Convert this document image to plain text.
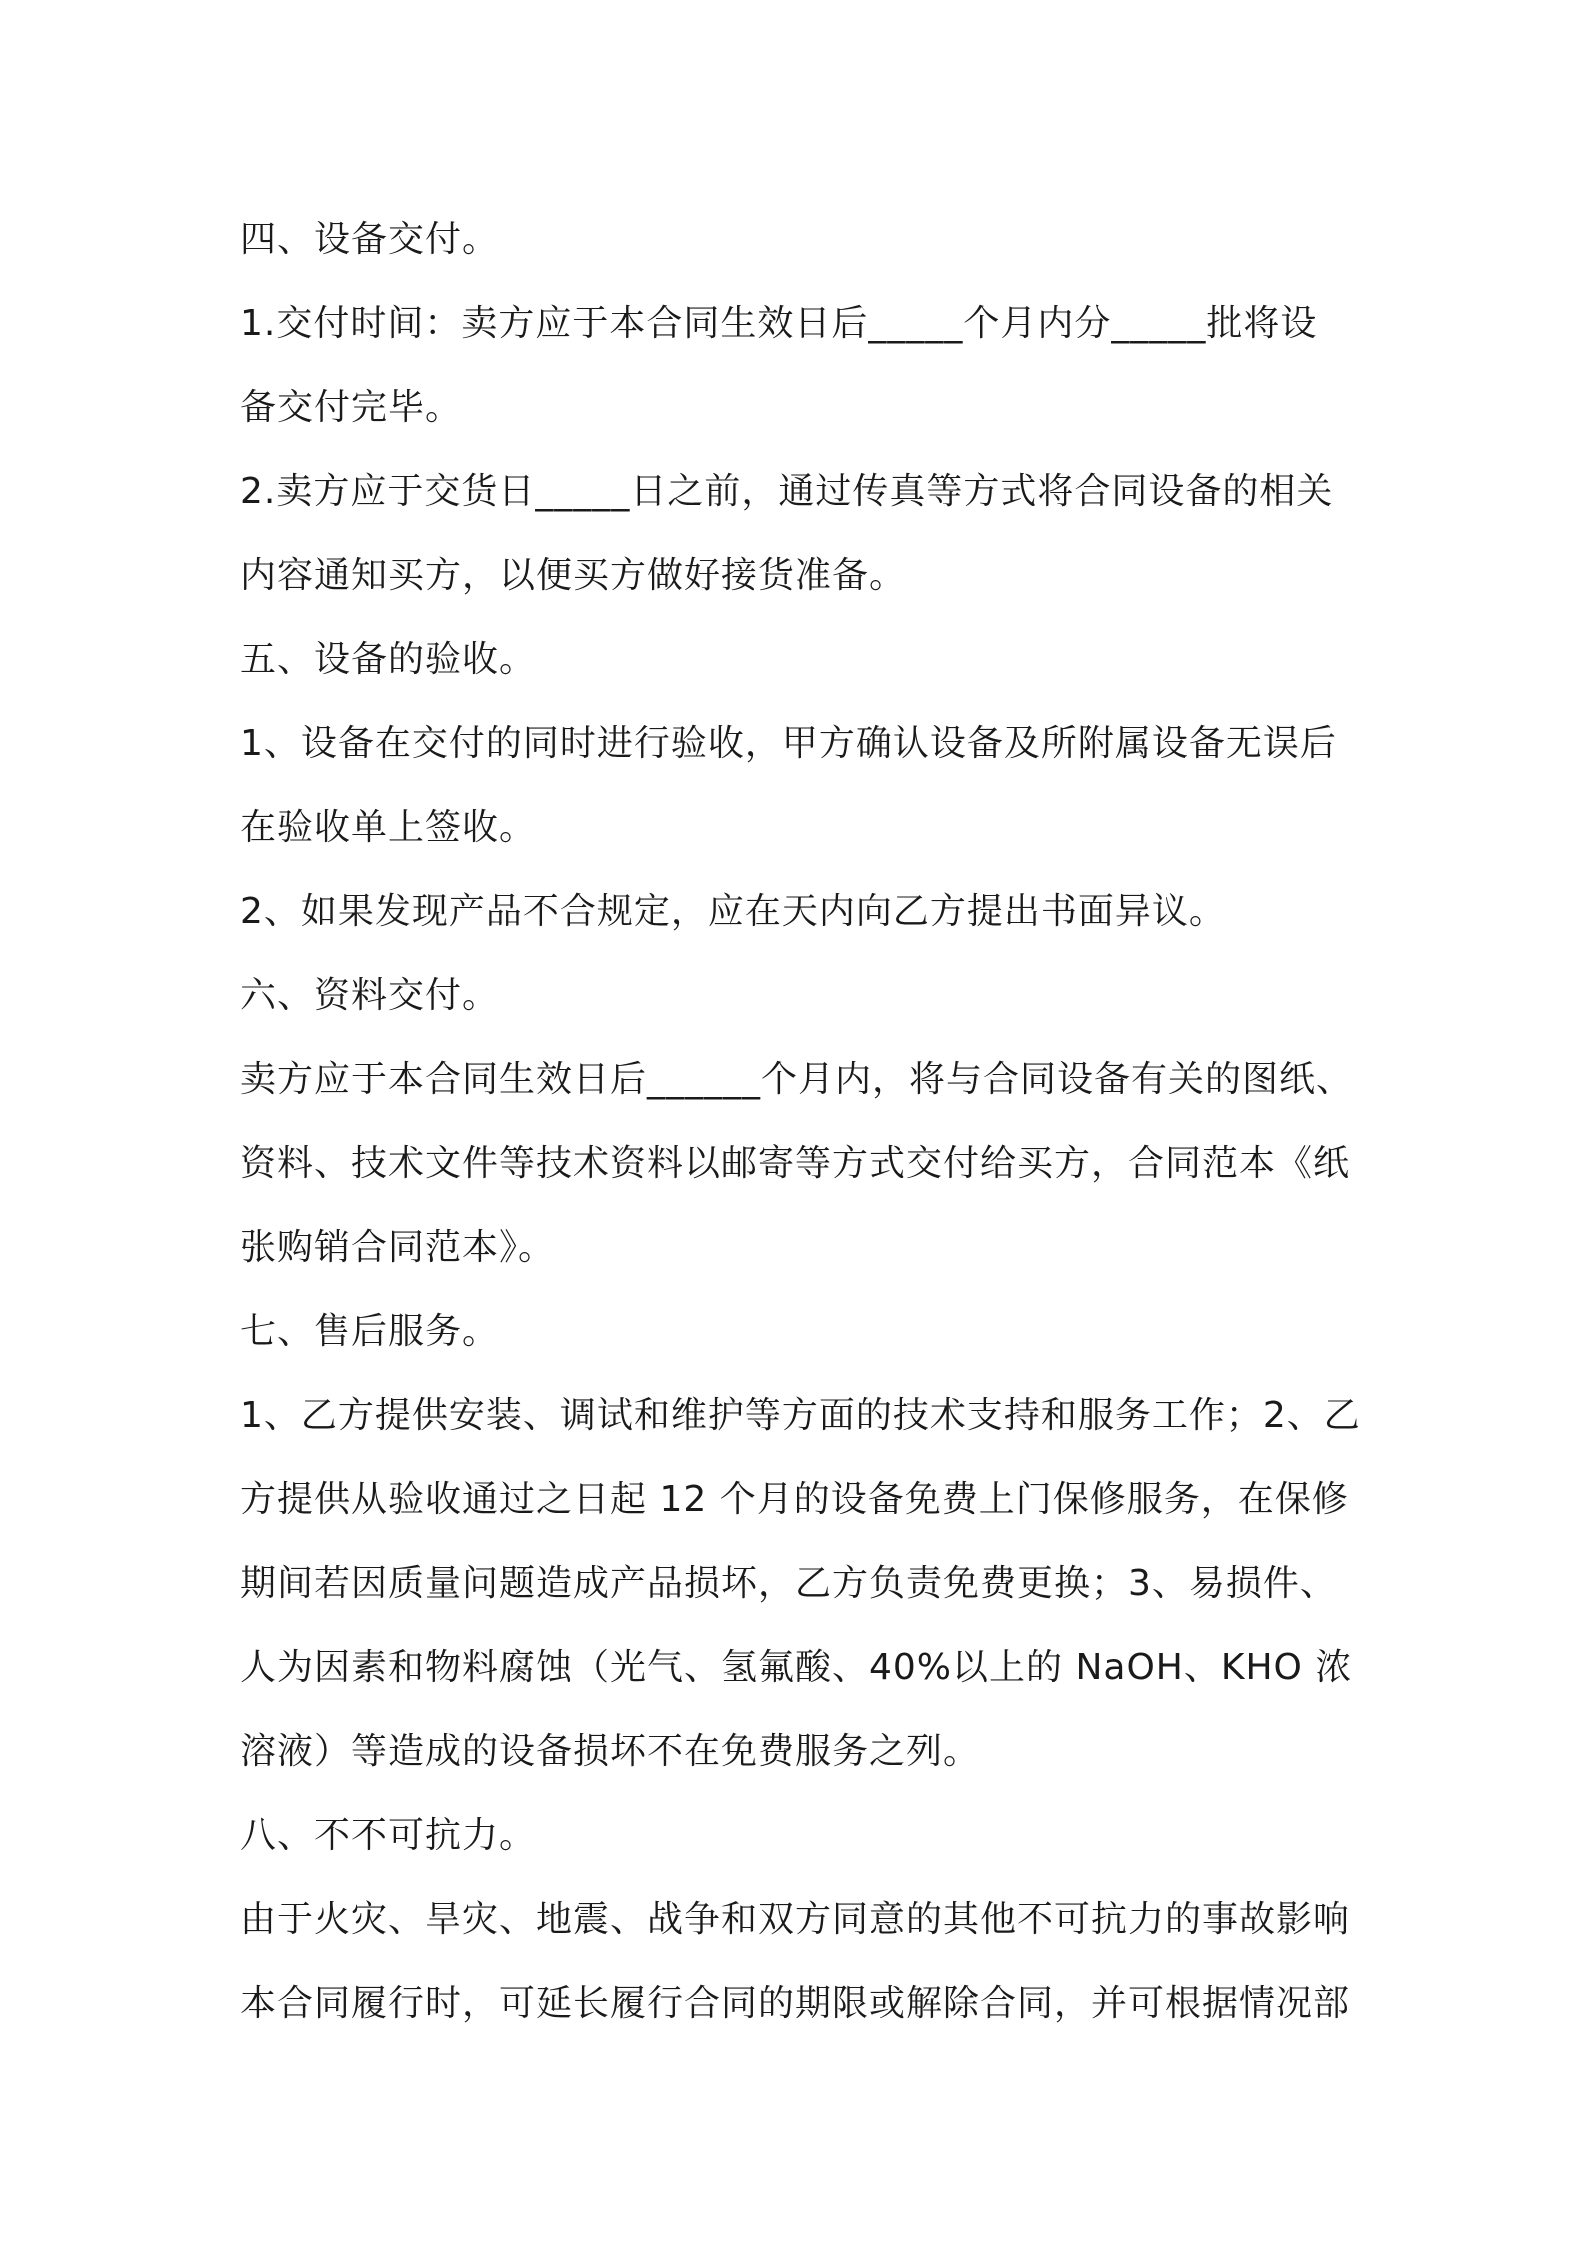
四、设备交付。
1.交付时间：卖方应于本合同生效日后_____个月内分_____批将设
备交付完毕。
2.卖方应于交货日_____日之前，通过传真等方式将合同设备的相关
内容通知买方，以便买方做好接货准备。
五、设备的验收。
1、设备在交付的同时进行验收，甲方确认设备及所附属设备无误后
在验收单上签收。
2、如果发现产品不合规定，应在天内向乙方提出书面异议。
六、资料交付。
卖方应于本合同生效日后______个月内，将与合同设备有关的图纸、
资料、技术文件等技术资料以邮寄等方式交付给买方，合同范本《纸
张购销合同范本》。
七、售后服务。
1、乙方提供安装、调试和维护等方面的技术支持和服务工作；2、乙
方提供从验收通过之日起 12 个月的设备免费上门保修服务，在保修
期间若因质量问题造成产品损坏，乙方负责免费更换；3、易损件、
人为因素和物料腐蚀（光气、氢氟酸、40%以上的 NaOH、KHO 浓
溶液）等造成的设备损坏不在免费服务之列。
八、不不可抗力。
由于火灾、旱灾、地震、战争和双方同意的其他不可抗力的事故影响
本合同履行时，可延长履行合同的期限或解除合同，并可根据情况部
